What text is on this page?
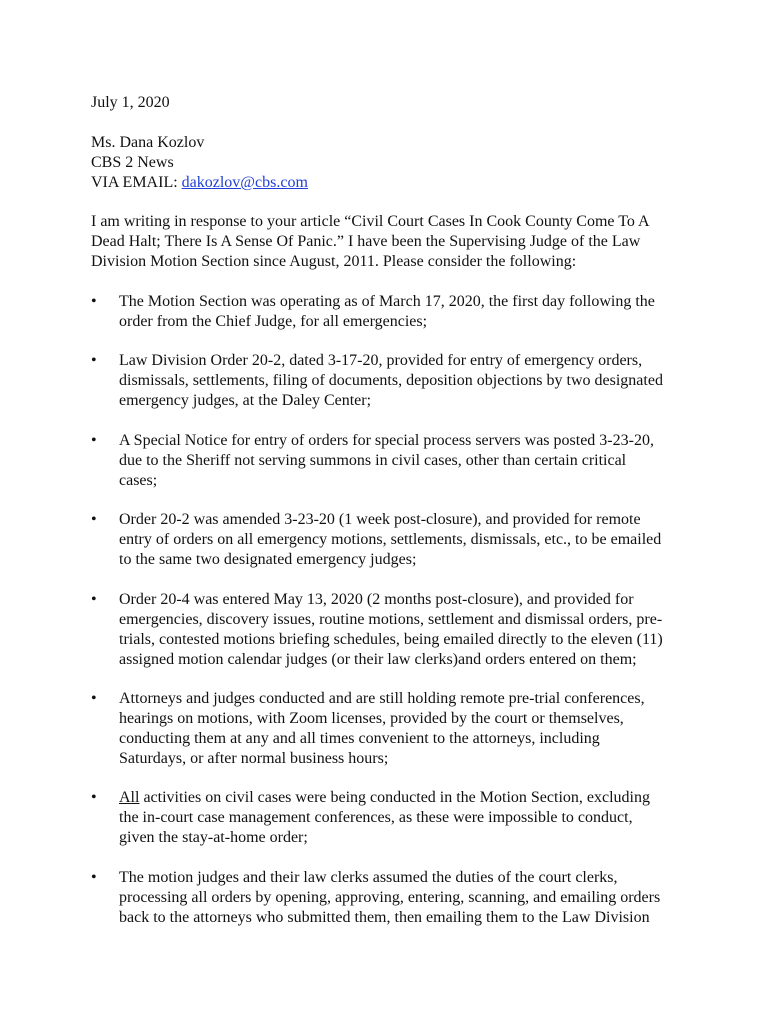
July 1, 2020
Ms. Dana Kozlov
CBS 2 News
VIA EMAIL: dakozlov@cbs.com
I am writing in response to your article “Civil Court Cases In Cook County Come To A
Dead Halt; There Is A Sense Of Panic.” I have been the Supervising Judge of the Law
Division Motion Section since August, 2011. Please consider the following:
• The Motion Section was operating as of March 17, 2020, the first day following the
order from the Chief Judge, for all emergencies;
• Law Division Order 20-2, dated 3-17-20, provided for entry of emergency orders,
dismissals, settlements, filing of documents, deposition objections by two designated
emergency judges, at the Daley Center;
• A Special Notice for entry of orders for special process servers was posted 3-23-20,
due to the Sheriff not serving summons in civil cases, other than certain critical
cases;
• Order 20-2 was amended 3-23-20 (1 week post-closure), and provided for remote
entry of orders on all emergency motions, settlements, dismissals, etc., to be emailed
to the same two designated emergency judges;
• Order 20-4 was entered May 13, 2020 (2 months post-closure), and provided for
emergencies, discovery issues, routine motions, settlement and dismissal orders, pre-
trials, contested motions briefing schedules, being emailed directly to the eleven (11)
assigned motion calendar judges (or their law clerks)and orders entered on them;
• Attorneys and judges conducted and are still holding remote pre-trial conferences,
hearings on motions, with Zoom licenses, provided by the court or themselves,
conducting them at any and all times convenient to the attorneys, including
Saturdays, or after normal business hours;
• All activities on civil cases were being conducted in the Motion Section, excluding
the in-court case management conferences, as these were impossible to conduct,
given the stay-at-home order;
• The motion judges and their law clerks assumed the duties of the court clerks,
processing all orders by opening, approving, entering, scanning, and emailing orders
back to the attorneys who submitted them, then emailing them to the Law Division
